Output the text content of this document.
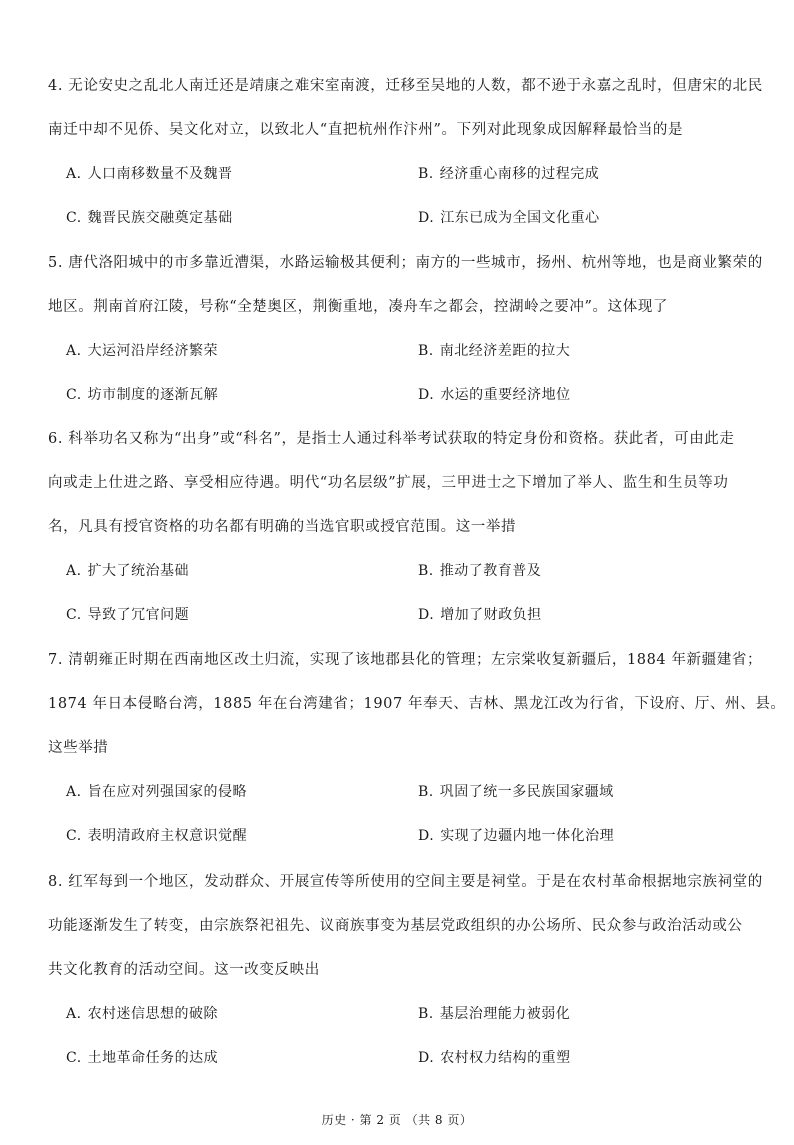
4. 无论安史之乱北人南迁还是靖康之难宋室南渡，迁移至吴地的人数，都不逊于永嘉之乱时，但唐宋的北民
南迁中却不见侨、吴文化对立，以致北人“直把杭州作汴州”。下列对此现象成因解释最恰当的是
A. 人口南移数量不及魏晋	B. 经济重心南移的过程完成
C. 魏晋民族交融奠定基础	D. 江东已成为全国文化重心
5. 唐代洛阳城中的市多靠近漕渠，水路运输极其便利；南方的一些城市，扬州、杭州等地，也是商业繁荣的
地区。荆南首府江陵，号称“全楚奥区，荆衡重地，凑舟车之都会，控湖岭之要冲”。这体现了
A. 大运河沿岸经济繁荣	B. 南北经济差距的拉大
C. 坊市制度的逐渐瓦解	D. 水运的重要经济地位
6. 科举功名又称为“出身”或“科名”，是指士人通过科举考试获取的特定身份和资格。获此者，可由此走
向或走上仕进之路、享受相应待遇。明代“功名层级”扩展，三甲进士之下增加了举人、监生和生员等功
名，凡具有授官资格的功名都有明确的当选官职或授官范围。这一举措
A. 扩大了统治基础	B. 推动了教育普及
C. 导致了冗官问题	D. 增加了财政负担
7. 清朝雍正时期在西南地区改土归流，实现了该地郡县化的管理；左宗棠收复新疆后，1884 年新疆建省；
1874 年日本侵略台湾，1885 年在台湾建省；1907 年奉天、吉林、黑龙江改为行省，下设府、厅、州、县。
这些举措
A. 旨在应对列强国家的侵略	B. 巩固了统一多民族国家疆域
C. 表明清政府主权意识觉醒	D. 实现了边疆内地一体化治理
8. 红军每到一个地区，发动群众、开展宣传等所使用的空间主要是祠堂。于是在农村革命根据地宗族祠堂的
功能逐渐发生了转变，由宗族祭祀祖先、议商族事变为基层党政组织的办公场所、民众参与政治活动或公
共文化教育的活动空间。这一改变反映出
A. 农村迷信思想的破除	B. 基层治理能力被弱化
C. 土地革命任务的达成	D. 农村权力结构的重塑
历史 · 第 2 页 （共 8 页）
